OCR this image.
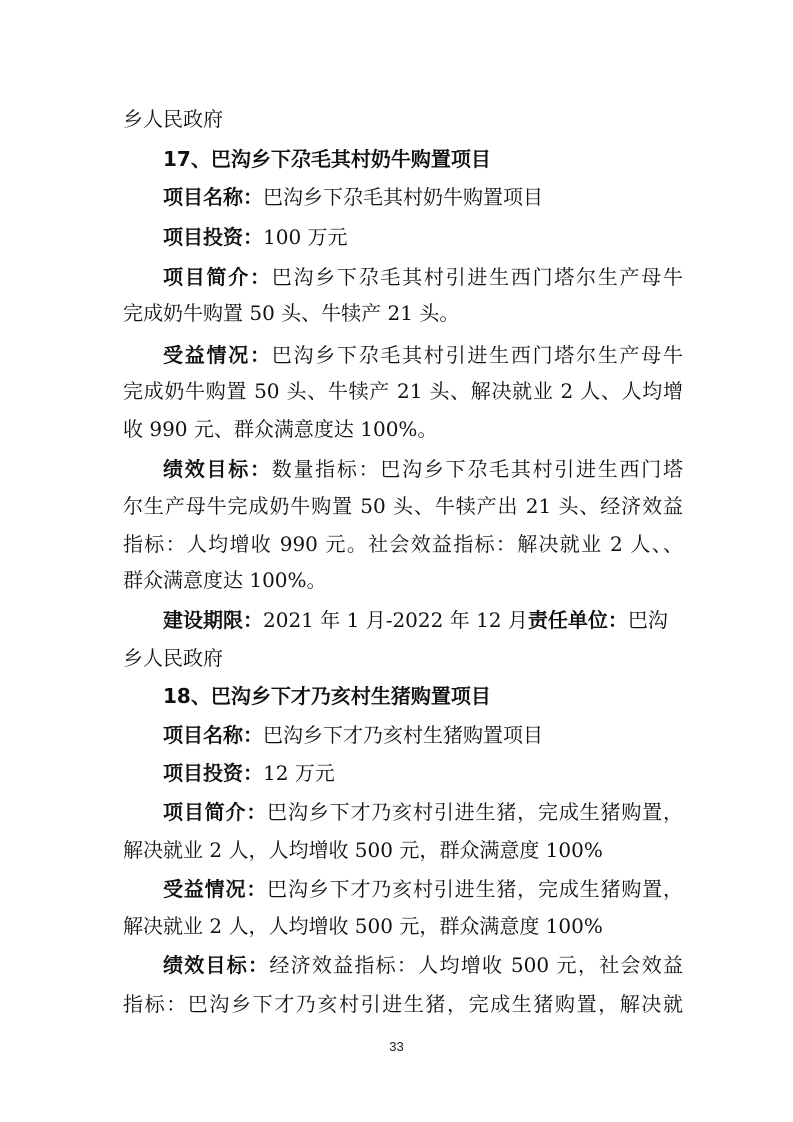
乡人民政府
17、巴沟乡下尕毛其村奶牛购置项目
项目名称：巴沟乡下尕毛其村奶牛购置项目
项目投资：100 万元
项目简介：巴沟乡下尕毛其村引进生西门塔尔生产母牛
完成奶牛购置 50 头、牛犊产 21 头。
受益情况：巴沟乡下尕毛其村引进生西门塔尔生产母牛
完成奶牛购置 50 头、牛犊产 21 头、解决就业 2 人、人均增
收 990 元、群众满意度达 100%。
绩效目标：数量指标：巴沟乡下尕毛其村引进生西门塔
尔生产母牛完成奶牛购置 50 头、牛犊产出 21 头、经济效益
指标：人均增收 990 元。社会效益指标：解决就业 2 人、、
群众满意度达 100%。
建设期限：2021 年 1 月-2022 年 12 月责任单位：巴沟
乡人民政府
18、巴沟乡下才乃亥村生猪购置项目
项目名称：巴沟乡下才乃亥村生猪购置项目
项目投资：12 万元
项目简介：巴沟乡下才乃亥村引进生猪，完成生猪购置，
解决就业 2 人，人均增收 500 元，群众满意度 100%
受益情况：巴沟乡下才乃亥村引进生猪，完成生猪购置，
解决就业 2 人，人均增收 500 元，群众满意度 100%
绩效目标：经济效益指标：人均增收 500 元，社会效益
指标：巴沟乡下才乃亥村引进生猪，完成生猪购置，解决就
33
